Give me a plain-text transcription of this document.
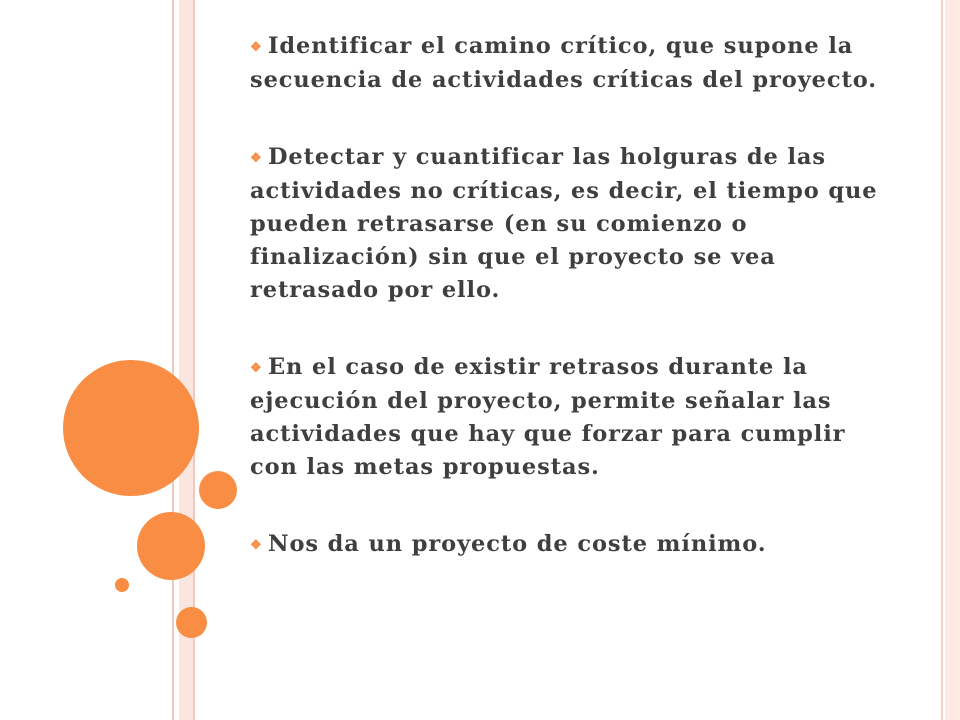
❖ Identificar el camino crítico, que supone la secuencia de actividades críticas del proyecto.
❖ Detectar y cuantificar las holguras de las actividades no críticas, es decir, el tiempo que pueden retrasarse (en su comienzo o finalización) sin que el proyecto se vea retrasado por ello.
❖ En el caso de existir retrasos durante la ejecución del proyecto, permite señalar las actividades que hay que forzar para cumplir con las metas propuestas.
❖ Nos da un proyecto de coste mínimo.
